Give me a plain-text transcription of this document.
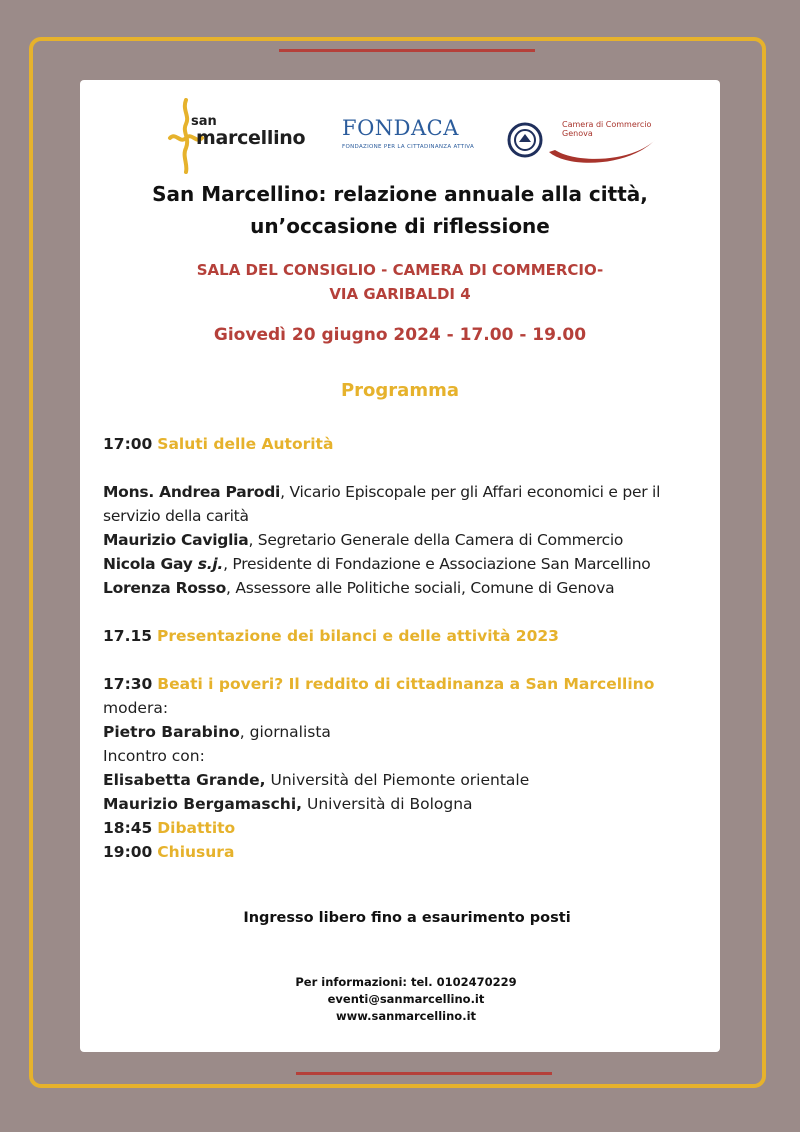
san
marcellino FONDACA
FONDAZIONE PER LA CITTADINANZA ATTIVA
Camera di Commercio
Genova
San Marcellino: relazione annuale alla città,
un’occasione di riflessione
SALA DEL CONSIGLIO - CAMERA DI COMMERCIO-
VIA GARIBALDI 4
Giovedì 20 giugno 2024 - 17.00 - 19.00
Programma
17:00 Saluti delle Autorità
Mons. Andrea Parodi, Vicario Episcopale per gli Affari economici e per il servizio della carità
Maurizio Caviglia, Segretario Generale della Camera di Commercio
Nicola Gay s.j., Presidente di Fondazione e Associazione San Marcellino
Lorenza Rosso, Assessore alle Politiche sociali, Comune di Genova
17.15 Presentazione dei bilanci e delle attività 2023
17:30 Beati i poveri? Il reddito di cittadinanza a San Marcellino
modera:
Pietro Barabino, giornalista
Incontro con:
Elisabetta Grande, Università del Piemonte orientale
Maurizio Bergamaschi, Università di Bologna
18:45 Dibattito
19:00 Chiusura
Ingresso libero fino a esaurimento posti
Per informazioni: tel. 0102470229
eventi@sanmarcellino.it
www.sanmarcellino.it
